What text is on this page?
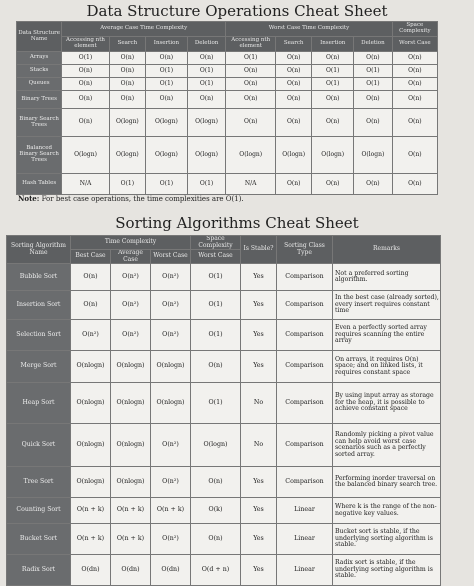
Data Structure Operations Cheat Sheet
Data Structure Name	Average Case Time Complexity				Worst Case Time Complexity				Space Complexity
	Accessing nth element	Search	Insertion	Deletion	Accessing nth element	Search	Insertion	Deletion	Worst Case
Arrays	O(1)	O(n)	O(n)	O(n)	O(1)	O(n)	O(n)	O(n)	O(n)
Stacks	O(n)	O(n)	O(1)	O(1)	O(n)	O(n)	O(1)	O(1)	O(n)
Queues	O(n)	O(n)	O(1)	O(1)	O(n)	O(n)	O(1)	O(1)	O(n)
Binary Trees	O(n)	O(n)	O(n)	O(n)	O(n)	O(n)	O(n)	O(n)	O(n)
Binary Search Trees	O(n)	O(logn)	O(logn)	O(logn)	O(n)	O(n)	O(n)	O(n)	O(n)
Balanced Binary Search Trees	O(logn)	O(logn)	O(logn)	O(logn)	O(logn)	O(logn)	O(logn)	O(logn)	O(n)
Hash Tables	N/A	O(1)	O(1)	O(1)	N/A	O(n)	O(n)	O(n)	O(n)
Note: For best case operations, the time complexities are O(1).
Sorting Algorithms Cheat Sheet
Sorting Algorithm Name	Time Complexity			Space Complexity	Is Stable?	Sorting Class Type	Remarks
	Best Case	Average Case	Worst Case	Worst Case			
Bubble Sort	O(n)	O(n²)	O(n²)	O(1)	Yes	Comparison	Not a preferred sorting algorithm.
Insertion Sort	O(n)	O(n²)	O(n²)	O(1)	Yes	Comparison	In the best case (already sorted), every insert requires constant time
Selection Sort	O(n²)	O(n²)	O(n²)	O(1)	Yes	Comparison	Even a perfectly sorted array requires scanning the entire array
Merge Sort	O(nlogn)	O(nlogn)	O(nlogn)	O(n)	Yes	Comparison	On arrays, it requires O(n) space; and on linked lists, it requires constant space
Heap Sort	O(nlogn)	O(nlogn)	O(nlogn)	O(1)	No	Comparison	By using input array as storage for the heap, it is possible to achieve constant space
Quick Sort	O(nlogn)	O(nlogn)	O(n²)	O(logn)	No	Comparison	Randomly picking a pivot value can help avoid worst case scenarios such as a perfectly sorted array.
Tree Sort	O(nlogn)	O(nlogn)	O(n²)	O(n)	Yes	Comparison	Performing inorder traversal on the balanced binary search tree.
Counting Sort	O(n + k)	O(n + k)	O(n + k)	O(k)	Yes	Linear	Where k is the range of the non-negative key values.
Bucket Sort	O(n + k)	O(n + k)	O(n²)	O(n)	Yes	Linear	Bucket sort is stable, if the underlying sorting algorithm is stable.
Radix Sort	O(dn)	O(dn)	O(dn)	O(d + n)	Yes	Linear	Radix sort is stable, if the underlying sorting algorithm is stable.
